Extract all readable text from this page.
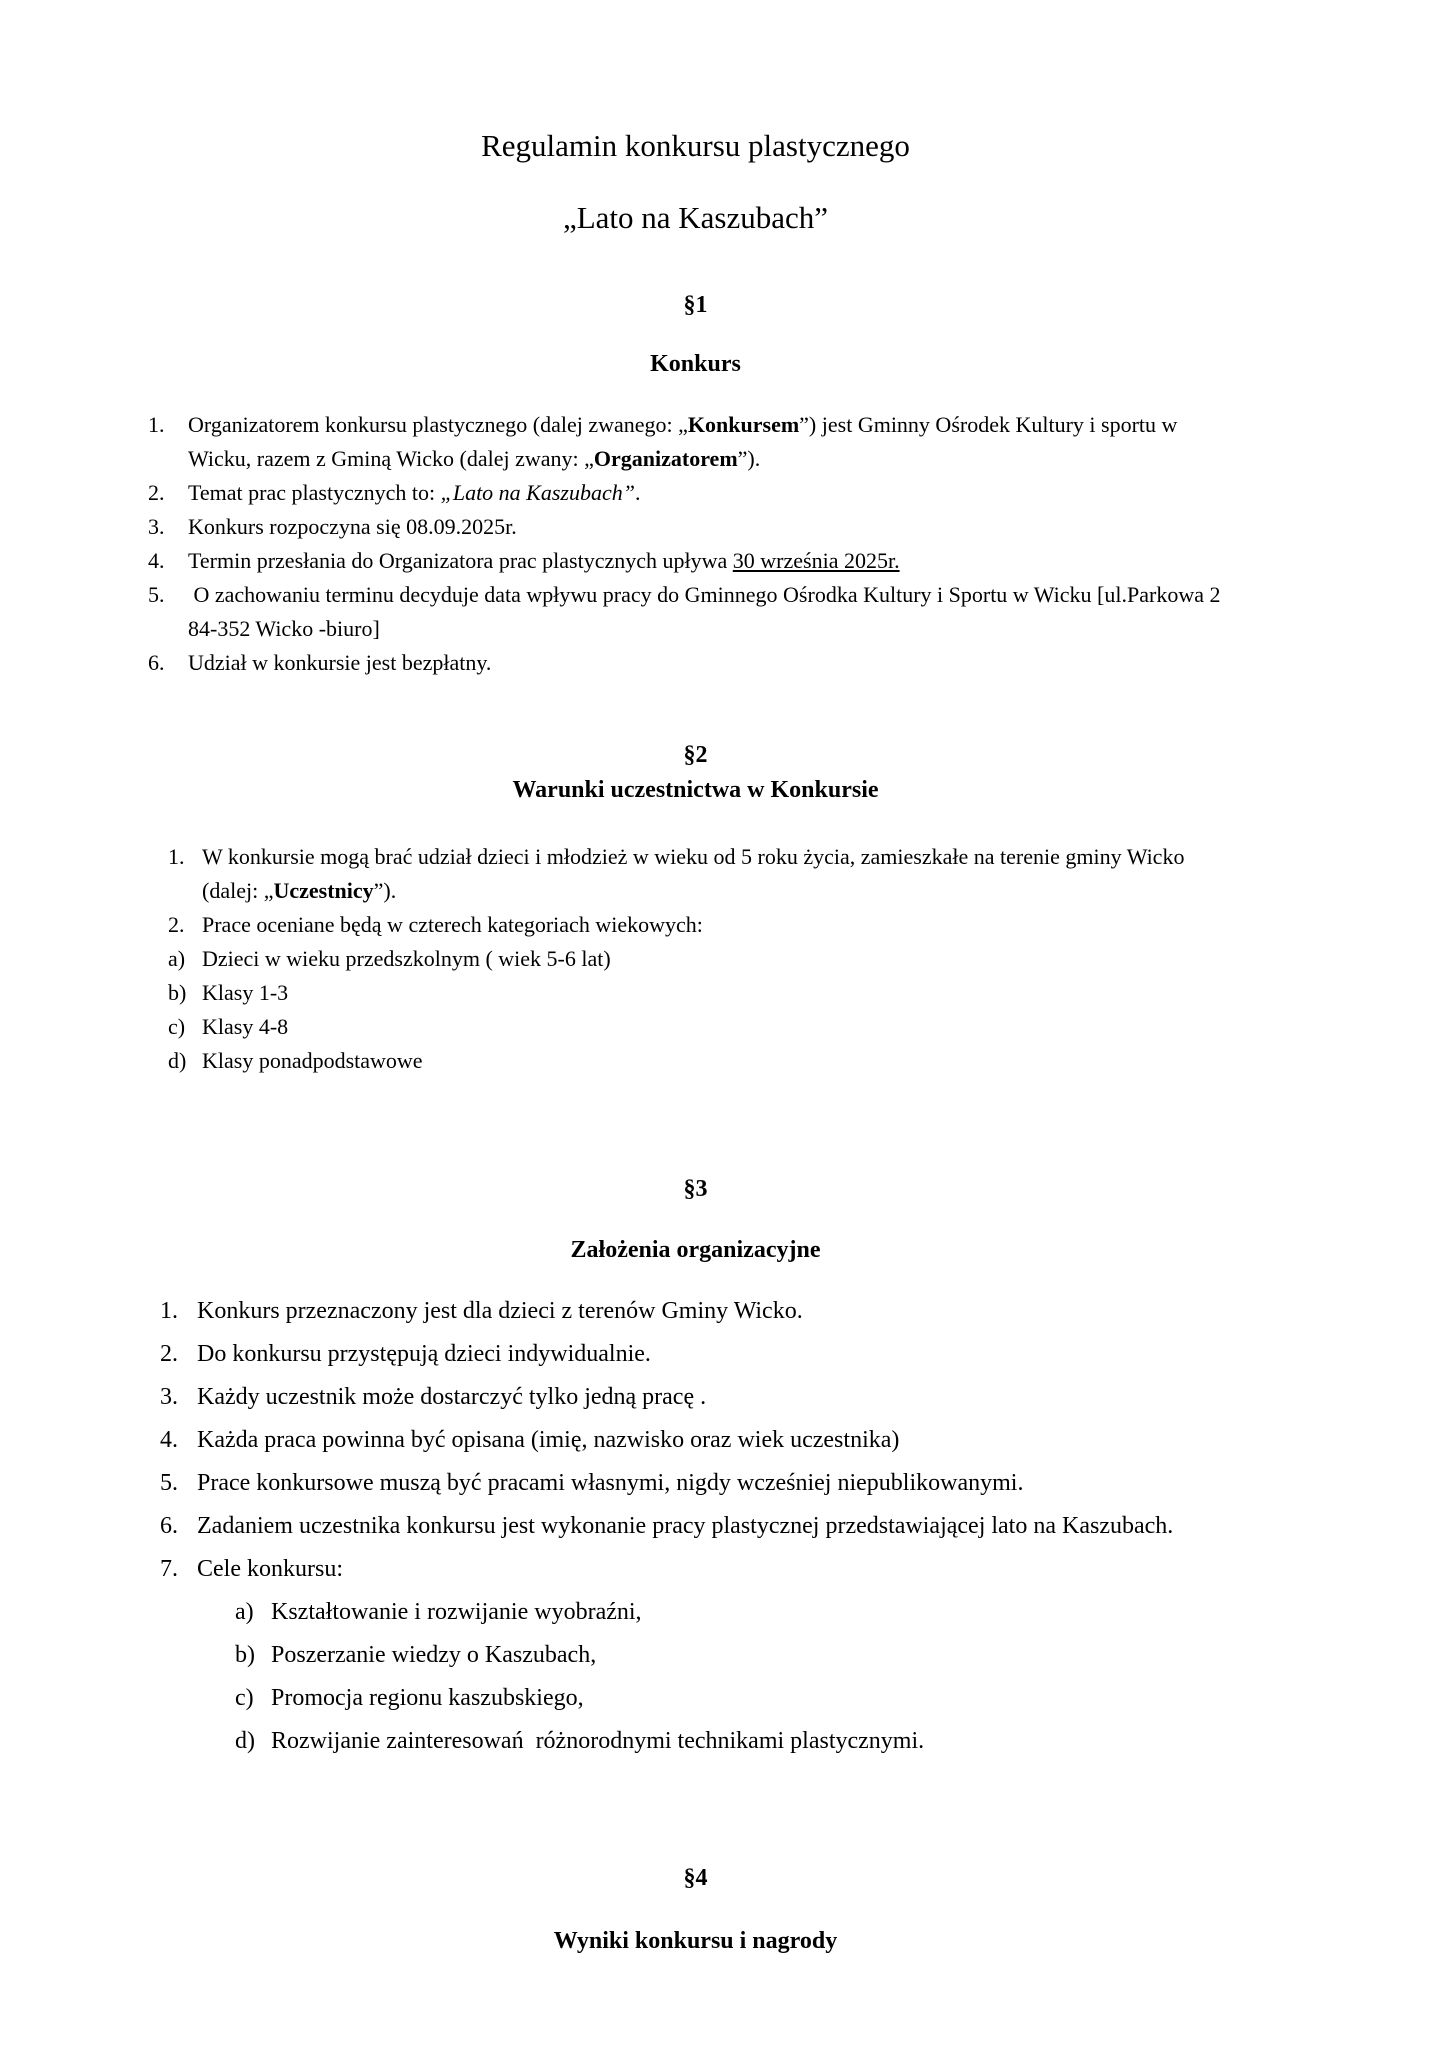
Regulamin konkursu plastycznego
„Lato na Kaszubach”
§1
Konkurs
1.	Organizatorem konkursu plastycznego (dalej zwanego: „Konkursem”) jest Gminny Ośrodek Kultury i sportu w Wicku, razem z Gminą Wicko (dalej zwany: „Organizatorem”).
2.	Temat prac plastycznych to: „Lato na Kaszubach”.
3.	Konkurs rozpoczyna się 08.09.2025r.
4.	Termin przesłania do Organizatora prac plastycznych upływa 30 września 2025r.
5.	O zachowaniu terminu decyduje data wpływu pracy do Gminnego Ośrodka Kultury i Sportu w Wicku [ul.Parkowa 2 84-352 Wicko -biuro]
6.	Udział w konkursie jest bezpłatny.
§2
Warunki uczestnictwa w Konkursie
1. W konkursie mogą brać udział dzieci i młodzież w wieku od 5 roku życia, zamieszkałe na terenie gminy Wicko (dalej: „Uczestnicy”).
2. Prace oceniane będą w czterech kategoriach wiekowych:
a) Dzieci w wieku przedszkolnym ( wiek 5-6 lat)
b) Klasy 1-3
c) Klasy 4-8
d) Klasy ponadpodstawowe
§3
Założenia organizacyjne
1. Konkurs przeznaczony jest dla dzieci z terenów Gminy Wicko.
2. Do konkursu przystępują dzieci indywidualnie.
3. Każdy uczestnik może dostarczyć tylko jedną pracę .
4. Każda praca powinna być opisana (imię, nazwisko oraz wiek uczestnika)
5. Prace konkursowe muszą być pracami własnymi, nigdy wcześniej niepublikowanymi.
6. Zadaniem uczestnika konkursu jest wykonanie pracy plastycznej przedstawiającej lato na Kaszubach.
7. Cele konkursu:
a) Kształtowanie i rozwijanie wyobraźni,
b) Poszerzanie wiedzy o Kaszubach,
c) Promocja regionu kaszubskiego,
d) Rozwijanie zainteresowań  różnorodnymi technikami plastycznymi.
§4
Wyniki konkursu i nagrody
